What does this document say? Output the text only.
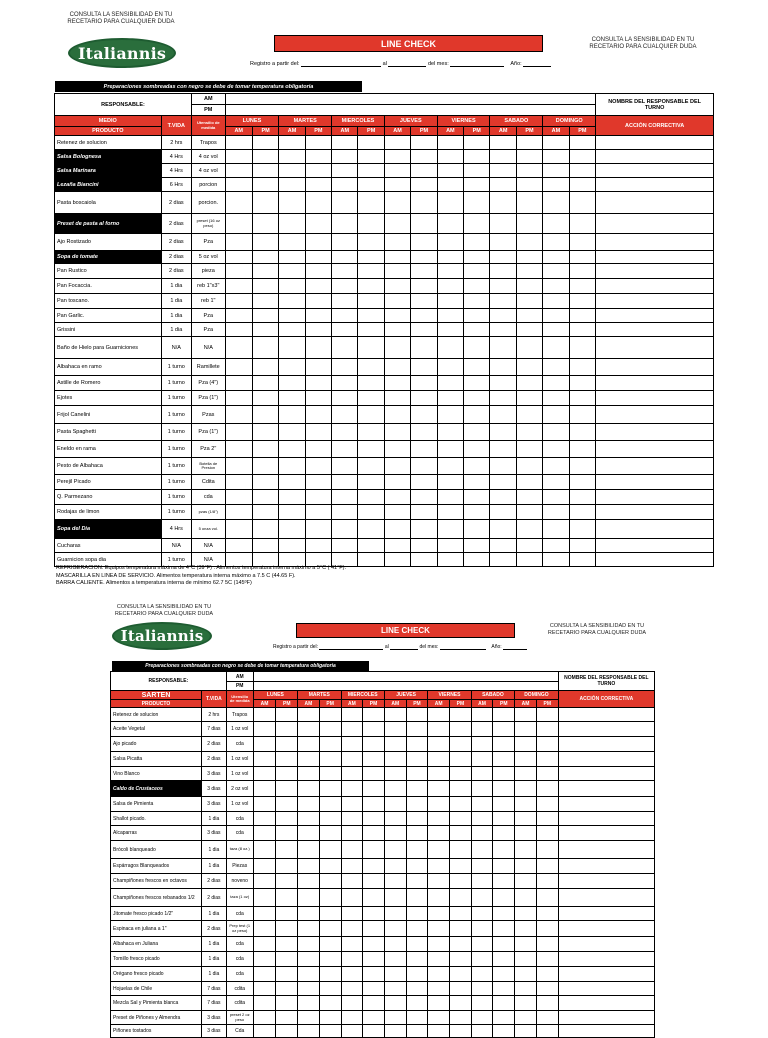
CONSULTA LA SENSIBILIDAD EN TU RECETARIO PARA CUALQUIER DUDA
Italiannis	LINE CHECK	CONSULTA LA SENSIBILIDAD EN TU RECETARIO PARA CUALQUIER DUDA
Registro a partir del:	al	del mes:	Año:
Preparaciones sombreadas con negro se debe de tomar temperatura obligatoria
RESPONSABLE:		AM															NOMBRE DEL RESPONSABLE DEL TURNO
		PM															
MEDIO	T.VIDA	Utensilio de medida	LUNES		MARTES		MIERCOLES		JUEVES		VIERNES		SABADO		DOMINGO		ACCIÓN CORRECTIVA
PRODUCTO			AM	PM	AM	PM	AM	PM	AM	PM	AM	PM	AM	PM	AM	PM	
Retenez de solucion	2 hrs	Trapos															
Salsa Bolognesa	4 Hrs	4 oz vol															
Salsa Marinara	4 Hrs	4 oz vol															
Lezaña Biancini	6 Hrs	porcion															
Pasta boscaiola	2 dias	porcion.															
Preset de pasta al forno	2 dias	preset (16 oz peso)															
Ajo Rostizado	2 dias	Pza															
Sopa de tomate	2 dias	5 oz vol															
Pan Rustico	2 dias	pieza															
Pan Focaccia.	1 dia	reb 1"x3"															
Pan toscano.	1 dia	reb 1"															
Pan Garlic.	1 dia	Pza															
Grissini	1 dia	Pza															
Baño de Hielo para Guarniciones	N/A	N/A															
Albahaca en ramo	1 turno	Ramillete															
Astille de Romero	1 turno	Pza (4")															
Ejotes	1 turno	Pza (1")															
Frijol Canelini	1 turno	Pzas															
Pasta Spaghetti	1 turno	Pza (1")															
Eneldo en rama	1 turno	Pza 2"															
Pesto de Albahaca	1 turno	Botella de Presion															
Perejil Picado	1 turno	Cdita															
Q. Parmezano	1 turno	cda															
Rodajas de limon	1 turno	pzas (1/8")															
Sopa del Dia	4 Hrs	5 onza vol.															
Cucharas	N/A	N/A															
Guarnicion sopa dia	1 turno	N/A															
REFRIGERACION. Equipos temperatura máxima de 4°C (39°F) . Alimentos temperatura interna máximo a 5°C ( 41°F).
MASCARILLA EN LINEA DE SERVICIO. Alimentos temperatura interna máximo a 7.5 C (44.65 F).
BARRA CALIENTE. Alimentos a temperatura interna de mínimo 62.7 5C (145ºF)
CONSULTA LA SENSIBILIDAD EN TU RECETARIO PARA CUALQUIER DUDA
Italiannis	LINE CHECK	CONSULTA LA SENSIBILIDAD EN TU RECETARIO PARA CUALQUIER DUDA
Registro a partir del:	al	del mes:	Año:
Preparaciones sombreadas con negro se debe de tomar temperatura obligatoria
RESPONSABLE:		AM															NOMBRE DEL RESPONSABLE DEL TURNO
		PM															
SARTEN	T.VIDA	Utensilio de medida	LUNES		MARTES		MIERCOLES		JUEVES		VIERNES		SABADO		DOMINGO		ACCIÓN CORRECTIVA
PRODUCTO			AM	PM	AM	PM	AM	PM	AM	PM	AM	PM	AM	PM	AM	PM	
Retenez de solucion	2 hrs	Trapos															
Aceite Vegetal	7 dias	1 oz vol															
Ajo picado	2 dias	cda															
Salsa Picatta	2 dias	1 oz vol															
Vino Blanco	3 dias	1 oz vol															
Caldo de Crustaceos	3 dias	2 oz vol															
Salsa de Pimienta	3 dias	1 oz vol															
Shallot picado.	1 dia	cda															
Alcaparras	3 dias	cda															
Brócoli blanqueado	1 dia	taza (8 oz.)															
Espárragos Blanqueados	1 dia	Piezas															
Champiñones frescos en octavos	2 dias	noveno															
Champiñones frescos rebanados 1/2	2 dias	taza (1 oz)															
Jitomate fresco picado 1/2"	1 dia	cda															
Espinaca en juliana a 1"	2 dias	Prep test (1 oz peso)															
Albahaca en Juliana	1 dia	cda															
Tomillo fresco picado	1 dia	cda															
Orégano fresco picado	1 dia	cda															
Hojuelas de Chile	7 dias	cdita															
Mezcla Sal y Pimienta blanca	7 dias	cdita															
Preset de Piñones y Almendra	3 dias	preset 2 oz peso															
Piñones tostados	3 dias	Cda															
